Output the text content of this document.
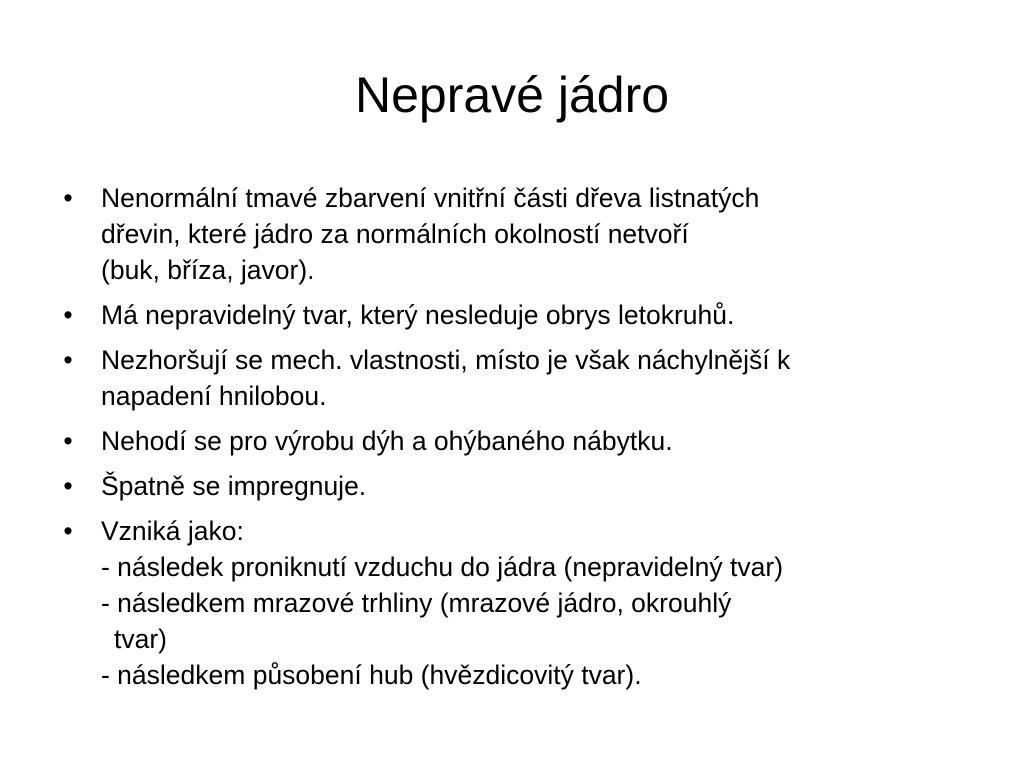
Nepravé jádro
• Nenormální tmavé zbarvení vnitřní části dřeva listnatých
dřevin, které jádro za normálních okolností netvoří
(buk, bříza, javor).
• Má nepravidelný tvar, který nesleduje obrys letokruhů.
• Nezhoršují se mech. vlastnosti, místo je však náchylnější k
napadení hnilobou.
• Nehodí se pro výrobu dýh a ohýbaného nábytku.
• Špatně se impregnuje.
• Vzniká jako:
- následek proniknutí vzduchu do jádra (nepravidelný tvar)
- následkem mrazové trhliny (mrazové jádro, okrouhlý
tvar)
- následkem působení hub (hvězdicovitý tvar).
